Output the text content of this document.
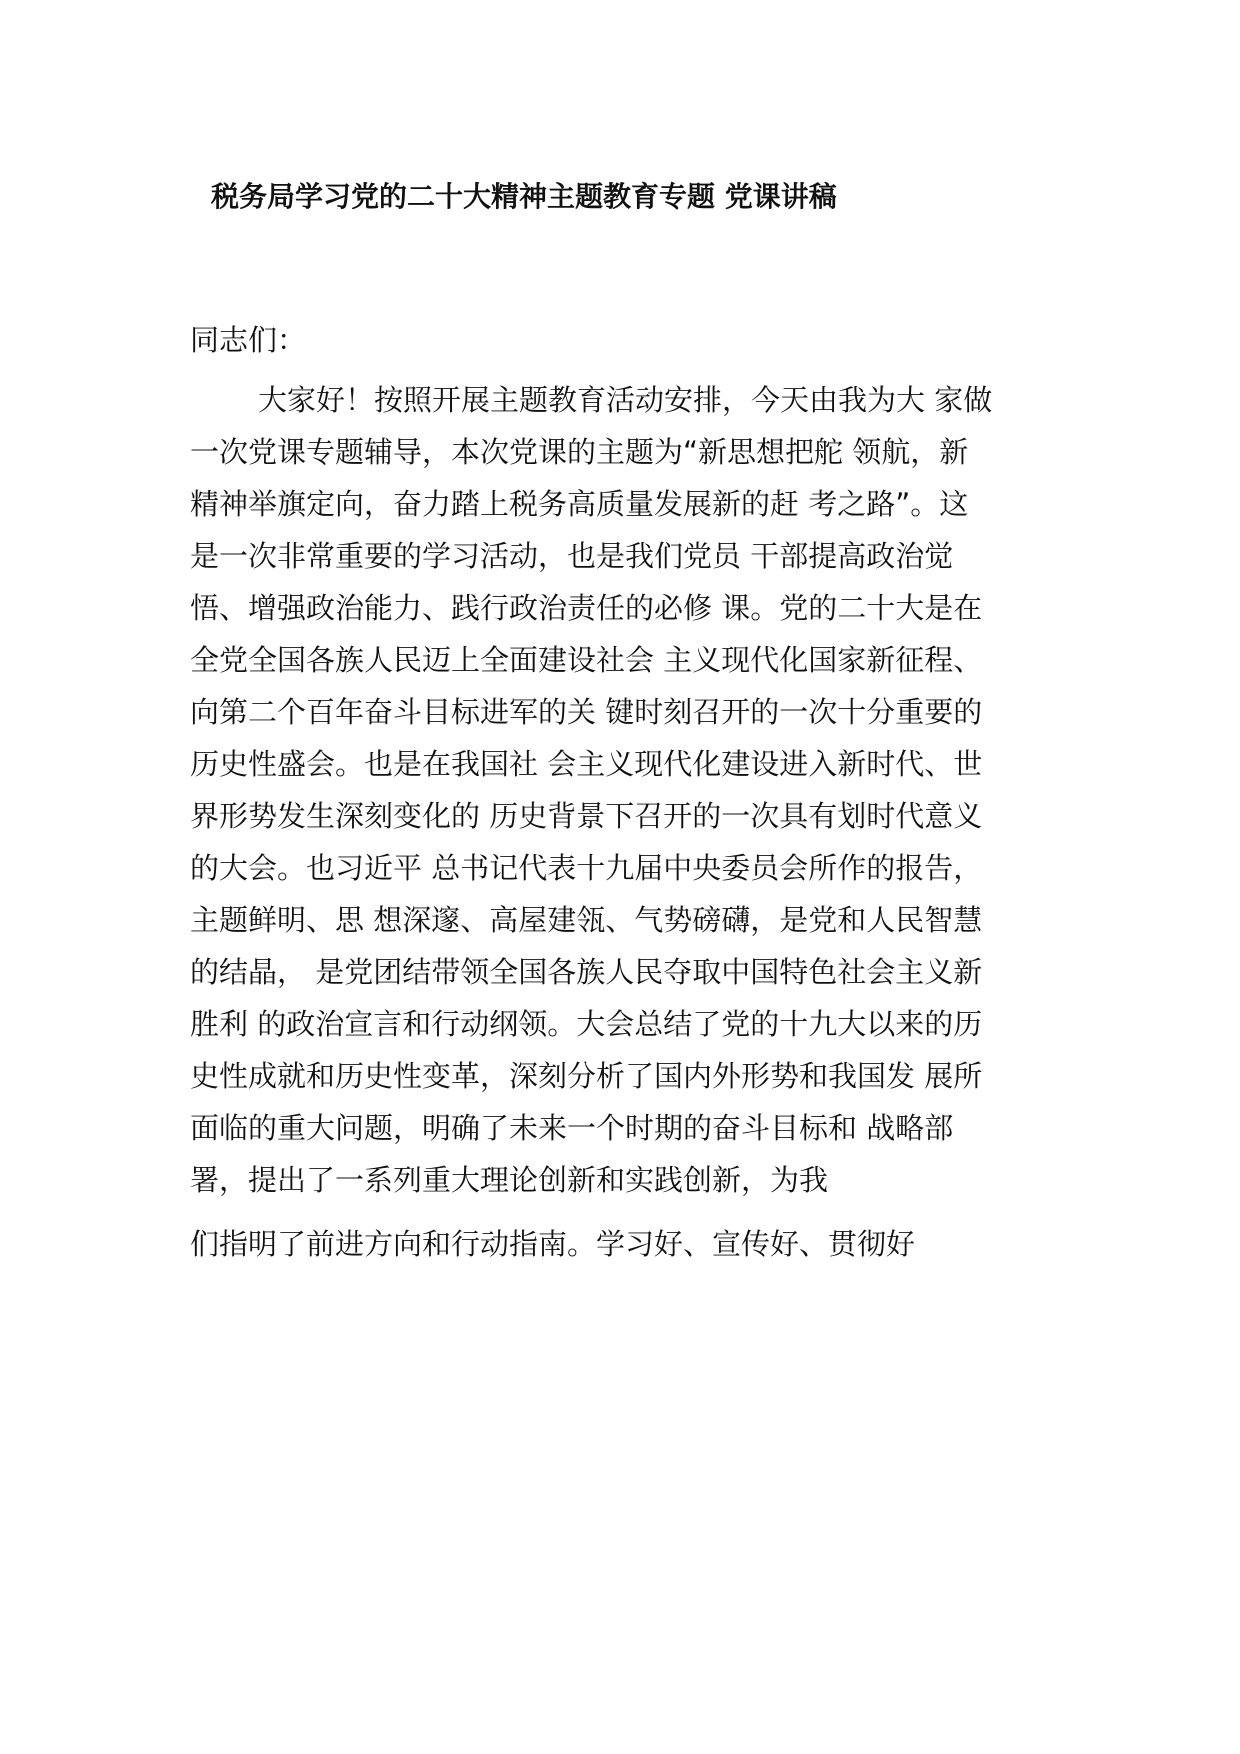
税务局学习党的二十大精神主题教育专题 党课讲稿
同志们：
大家好！按照开展主题教育活动安排，今天由我为大 家做
一次党课专题辅导，本次党课的主题为“新思想把舵 领航，新
精神举旗定向，奋力踏上税务高质量发展新的赶 考之路”。这
是一次非常重要的学习活动，也是我们党员 干部提高政治觉
悟、增强政治能力、践行政治责任的必修 课。党的二十大是在
全党全国各族人民迈上全面建设社会 主义现代化国家新征程、
向第二个百年奋斗目标进军的关 键时刻召开的一次十分重要的
历史性盛会。也是在我国社 会主义现代化建设进入新时代、世
界形势发生深刻变化的 历史背景下召开的一次具有划时代意义
的大会。也习近平 总书记代表十九届中央委员会所作的报告，
主题鲜明、思 想深邃、高屋建瓴、气势磅礴，是党和人民智慧
的结晶， 是党团结带领全国各族人民夺取中国特色社会主义新
胜利 的政治宣言和行动纲领。大会总结了党的十九大以来的历
史性成就和历史性变革，深刻分析了国内外形势和我国发 展所
面临的重大问题，明确了未来一个时期的奋斗目标和 战略部
署，提出了一系列重大理论创新和实践创新，为我
们指明了前进方向和行动指南。学习好、宣传好、贯彻好
